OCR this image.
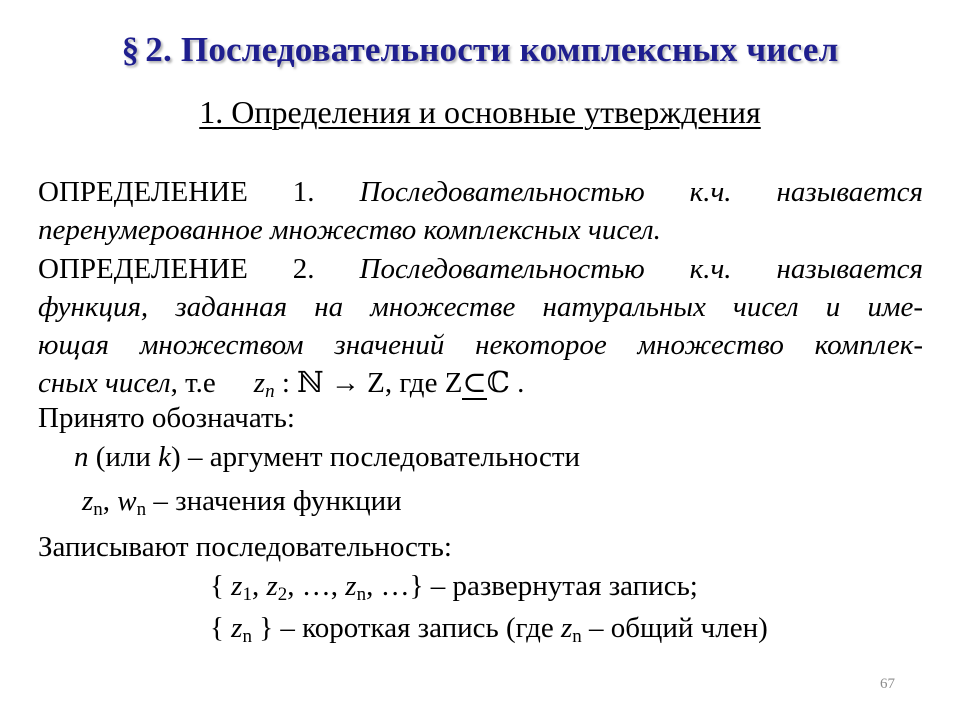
§ 2. Последовательности комплексных чисел
1. Определения и основные утверждения
ОПРЕДЕЛЕНИЕ 1. Последовательностью к.ч. называется
перенумерованное множество комплексных чисел.
ОПРЕДЕЛЕНИЕ 2. Последовательностью к.ч. называется
функция, заданная на множестве натуральных чисел и име-
ющая множеством значений некоторое множество комплек-
сных чисел, т.е $z_n$ : ℕ → Z, где Z⊂
ℂ .
Принято обозначать:
n (или k) – аргумент последовательности
$z_n$, $w_n$ – значения функции
Записывают последовательность:
{ $z_1$, $z_2$, …, $z_n$, …} – развернутая запись;
{ $z_n$ } – короткая запись (где $z_n$ – общий член)
67
